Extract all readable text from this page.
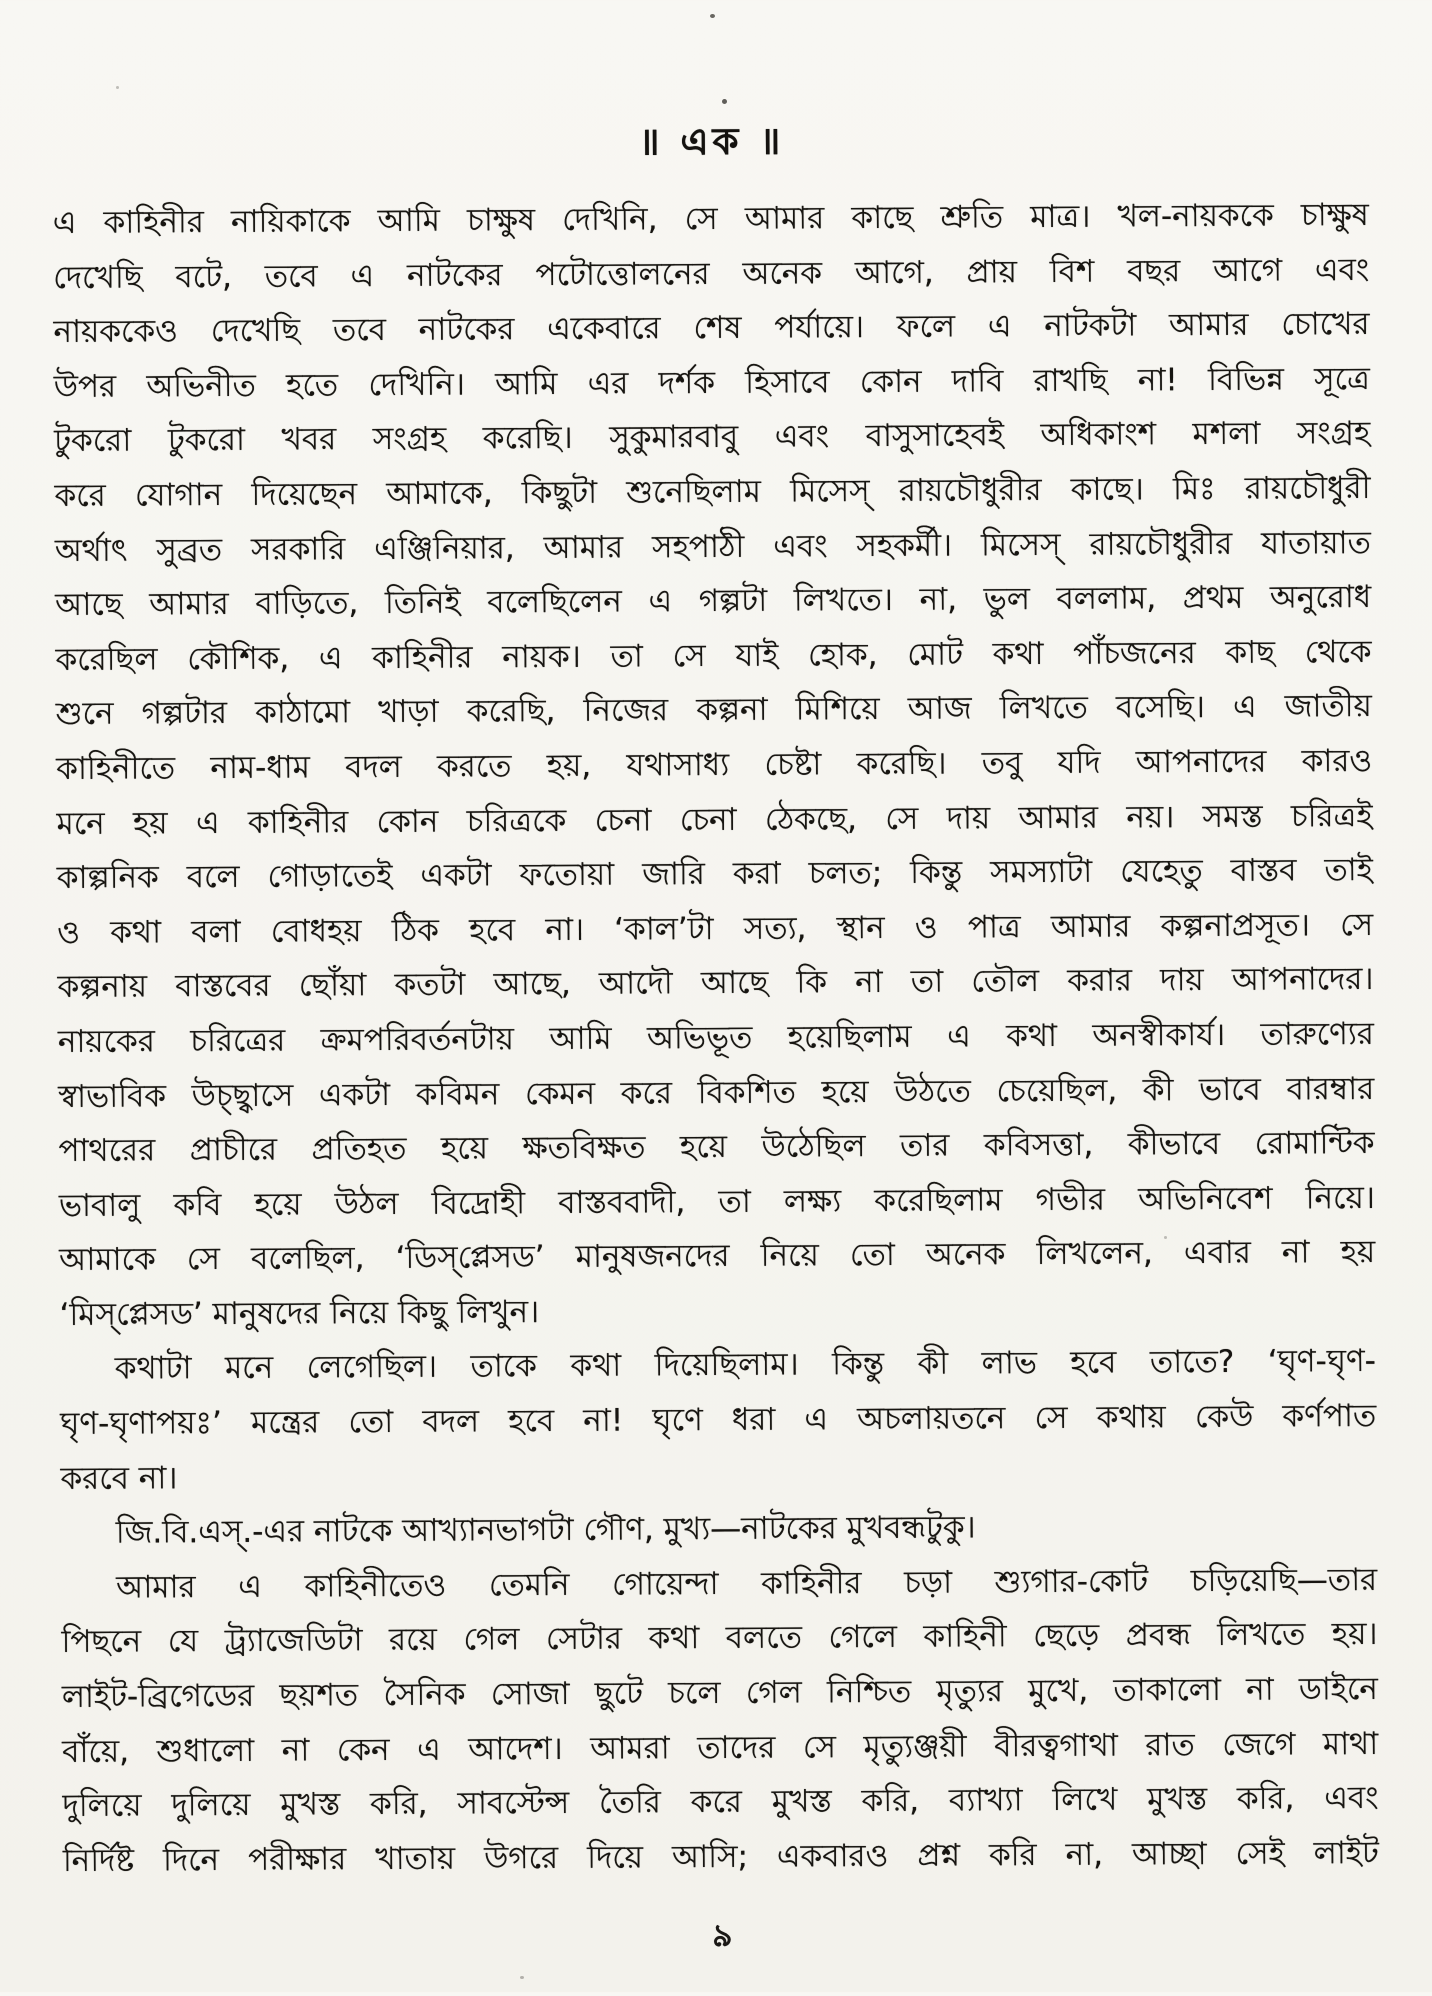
॥ এক ॥
এ কাহিনীর নায়িকাকে আমি চাক্ষুষ দেখিনি, সে আমার কাছে শ্রুতি মাত্র। খল-নায়ককে চাক্ষুষ
দেখেছি বটে, তবে এ নাটকের পটোত্তোলনের অনেক আগে, প্রায় বিশ বছর আগে এবং
নায়ককেও দেখেছি তবে নাটকের একেবারে শেষ পর্যায়ে। ফলে এ নাটকটা আমার চোখের
উপর অভিনীত হতে দেখিনি। আমি এর দর্শক হিসাবে কোন দাবি রাখছি না! বিভিন্ন সূত্রে
টুকরো টুকরো খবর সংগ্রহ করেছি। সুকুমারবাবু এবং বাসুসাহেবই অধিকাংশ মশলা সংগ্রহ
করে যোগান দিয়েছেন আমাকে, কিছুটা শুনেছিলাম মিসেস্ রায়চৌধুরীর কাছে। মিঃ রায়চৌধুরী
অর্থাৎ সুব্রত সরকারি এঞ্জিনিয়ার, আমার সহপাঠী এবং সহকর্মী। মিসেস্ রায়চৌধুরীর যাতায়াত
আছে আমার বাড়িতে, তিনিই বলেছিলেন এ গল্পটা লিখতে। না, ভুল বললাম, প্রথম অনুরোধ
করেছিল কৌশিক, এ কাহিনীর নায়ক। তা সে যাই হোক, মোট কথা পাঁচজনের কাছ থেকে
শুনে গল্পটার কাঠামো খাড়া করেছি, নিজের কল্পনা মিশিয়ে আজ লিখতে বসেছি। এ জাতীয়
কাহিনীতে নাম-ধাম বদল করতে হয়, যথাসাধ্য চেষ্টা করেছি। তবু যদি আপনাদের কারও
মনে হয় এ কাহিনীর কোন চরিত্রকে চেনা চেনা ঠেকছে, সে দায় আমার নয়। সমস্ত চরিত্রই
কাল্পনিক বলে গোড়াতেই একটা ফতোয়া জারি করা চলত; কিন্তু সমস্যাটা যেহেতু বাস্তব তাই
ও কথা বলা বোধহয় ঠিক হবে না। ‘কাল’টা সত্য, স্থান ও পাত্র আমার কল্পনাপ্রসূত। সে
কল্পনায় বাস্তবের ছোঁয়া কতটা আছে, আদৌ আছে কি না তা তৌল করার দায় আপনাদের।
নায়কের চরিত্রের ক্রমপরিবর্তনটায় আমি অভিভূত হয়েছিলাম এ কথা অনস্বীকার্য। তারুণ্যের
স্বাভাবিক উচ্ছ্বাসে একটা কবিমন কেমন করে বিকশিত হয়ে উঠতে চেয়েছিল, কী ভাবে বারম্বার
পাথরের প্রাচীরে প্রতিহত হয়ে ক্ষতবিক্ষত হয়ে উঠেছিল তার কবিসত্তা, কীভাবে রোমান্টিক
ভাবালু কবি হয়ে উঠল বিদ্রোহী বাস্তববাদী, তা লক্ষ্য করেছিলাম গভীর অভিনিবেশ নিয়ে।
আমাকে সে বলেছিল, ‘ডিস্‌প্লেসড’ মানুষজনদের নিয়ে তো অনেক লিখলেন, এবার না হয়
‘মিস্‌প্লেসড’ মানুষদের নিয়ে কিছু লিখুন।
কথাটা মনে লেগেছিল। তাকে কথা দিয়েছিলাম। কিন্তু কী লাভ হবে তাতে? ‘ঘৃণ-ঘৃণ-
ঘৃণ-ঘৃণাপয়ঃ’ মন্ত্রের তো বদল হবে না! ঘৃণে ধরা এ অচলায়তনে সে কথায় কেউ কর্ণপাত
করবে না।
জি.বি.এস্.-এর নাটকে আখ্যানভাগটা গৌণ, মুখ্য—নাটকের মুখবন্ধটুকু।
আমার এ কাহিনীতেও তেমনি গোয়েন্দা কাহিনীর চড়া শ্যুগার-কোট চড়িয়েছি—তার
পিছনে যে ট্র্যাজেডিটা রয়ে গেল সেটার কথা বলতে গেলে কাহিনী ছেড়ে প্রবন্ধ লিখতে হয়।
লাইট-ব্রিগেডের ছয়শত সৈনিক সোজা ছুটে চলে গেল নিশ্চিত মৃত্যুর মুখে, তাকালো না ডাইনে
বাঁয়ে, শুধালো না কেন এ আদেশ। আমরা তাদের সে মৃত্যুঞ্জয়ী বীরত্বগাথা রাত জেগে মাথা
দুলিয়ে দুলিয়ে মুখস্ত করি, সাবস্টেন্স তৈরি করে মুখস্ত করি, ব্যাখ্যা লিখে মুখস্ত করি, এবং
নির্দিষ্ট দিনে পরীক্ষার খাতায় উগরে দিয়ে আসি; একবারও প্রশ্ন করি না, আচ্ছা সেই লাইট
৯
